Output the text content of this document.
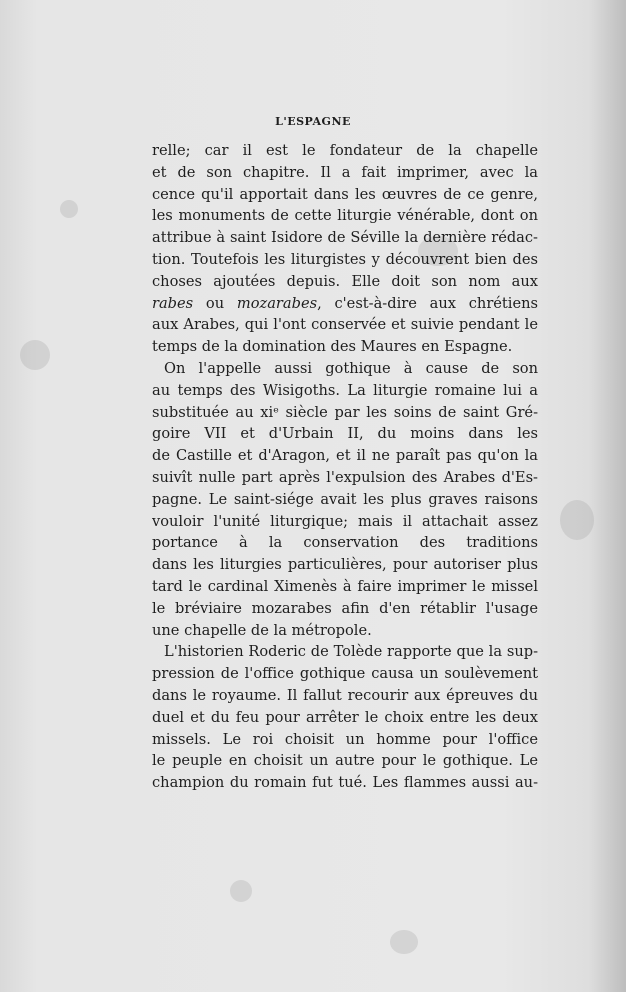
L'ESPAGNE
relle; car il est le fondateur de la chapelle
et de son chapitre. Il a fait imprimer, avec la
cence qu'il apportait dans les œuvres de ce genre,
les monuments de cette liturgie vénérable, dont on
attribue à saint Isidore de Séville la dernière rédac-
tion. Toutefois les liturgistes y découvrent bien des
choses ajoutées depuis. Elle doit son nom aux
rabes ou mozarabes, c'est-à-dire aux chrétiens
aux Arabes, qui l'ont conservée et suivie pendant le
temps de la domination des Maures en Espagne.
On l'appelle aussi gothique à cause de son
au temps des Wisigoths. La liturgie romaine lui a
substituée au xiᵉ siècle par les soins de saint Gré-
goire VII et d'Urbain II, du moins dans les
de Castille et d'Aragon, et il ne paraît pas qu'on la
suivît nulle part après l'expulsion des Arabes d'Es-
pagne. Le saint-siége avait les plus graves raisons
vouloir l'unité liturgique; mais il attachait assez
portance à la conservation des traditions
dans les liturgies particulières, pour autoriser plus
tard le cardinal Ximenès à faire imprimer le missel
le bréviaire mozarabes afin d'en rétablir l'usage
une chapelle de la métropole.
L'historien Roderic de Tolède rapporte que la sup-
pression de l'office gothique causa un soulèvement
dans le royaume. Il fallut recourir aux épreuves du
duel et du feu pour arrêter le choix entre les deux
missels. Le roi choisit un homme pour l'office
le peuple en choisit un autre pour le gothique. Le
champion du romain fut tué. Les flammes aussi au-
